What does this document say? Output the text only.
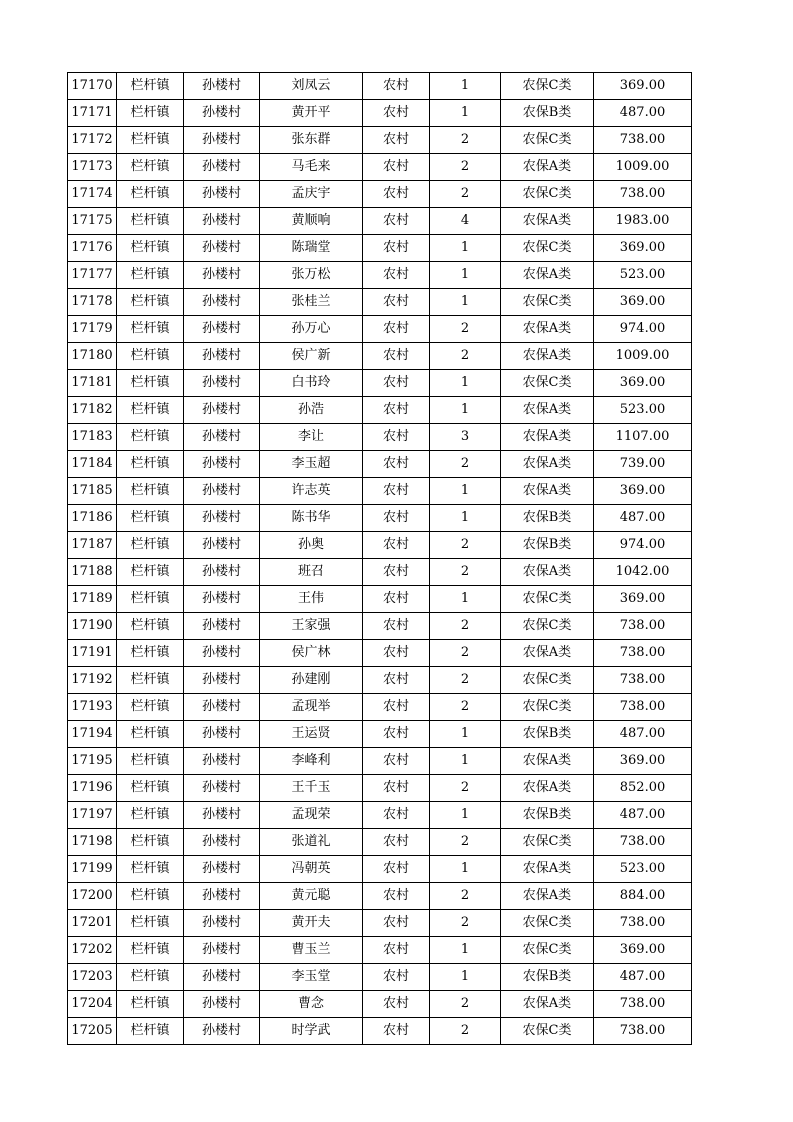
17170	栏杆镇	孙楼村	刘凤云	农村	1	农保C类	369.00
17171	栏杆镇	孙楼村	黄开平	农村	1	农保B类	487.00
17172	栏杆镇	孙楼村	张东群	农村	2	农保C类	738.00
17173	栏杆镇	孙楼村	马毛来	农村	2	农保A类	1009.00
17174	栏杆镇	孙楼村	孟庆宇	农村	2	农保C类	738.00
17175	栏杆镇	孙楼村	黄顺响	农村	4	农保A类	1983.00
17176	栏杆镇	孙楼村	陈瑞堂	农村	1	农保C类	369.00
17177	栏杆镇	孙楼村	张万松	农村	1	农保A类	523.00
17178	栏杆镇	孙楼村	张桂兰	农村	1	农保C类	369.00
17179	栏杆镇	孙楼村	孙万心	农村	2	农保A类	974.00
17180	栏杆镇	孙楼村	侯广新	农村	2	农保A类	1009.00
17181	栏杆镇	孙楼村	白书玲	农村	1	农保C类	369.00
17182	栏杆镇	孙楼村	孙浩	农村	1	农保A类	523.00
17183	栏杆镇	孙楼村	李让	农村	3	农保A类	1107.00
17184	栏杆镇	孙楼村	李玉超	农村	2	农保A类	739.00
17185	栏杆镇	孙楼村	许志英	农村	1	农保A类	369.00
17186	栏杆镇	孙楼村	陈书华	农村	1	农保B类	487.00
17187	栏杆镇	孙楼村	孙奥	农村	2	农保B类	974.00
17188	栏杆镇	孙楼村	班召	农村	2	农保A类	1042.00
17189	栏杆镇	孙楼村	王伟	农村	1	农保C类	369.00
17190	栏杆镇	孙楼村	王家强	农村	2	农保C类	738.00
17191	栏杆镇	孙楼村	侯广林	农村	2	农保A类	738.00
17192	栏杆镇	孙楼村	孙建刚	农村	2	农保C类	738.00
17193	栏杆镇	孙楼村	孟现举	农村	2	农保C类	738.00
17194	栏杆镇	孙楼村	王运贤	农村	1	农保B类	487.00
17195	栏杆镇	孙楼村	李峰利	农村	1	农保A类	369.00
17196	栏杆镇	孙楼村	王千玉	农村	2	农保A类	852.00
17197	栏杆镇	孙楼村	孟现荣	农村	1	农保B类	487.00
17198	栏杆镇	孙楼村	张道礼	农村	2	农保C类	738.00
17199	栏杆镇	孙楼村	冯朝英	农村	1	农保A类	523.00
17200	栏杆镇	孙楼村	黄元聪	农村	2	农保A类	884.00
17201	栏杆镇	孙楼村	黄开夫	农村	2	农保C类	738.00
17202	栏杆镇	孙楼村	曹玉兰	农村	1	农保C类	369.00
17203	栏杆镇	孙楼村	李玉堂	农村	1	农保B类	487.00
17204	栏杆镇	孙楼村	曹念	农村	2	农保A类	738.00
17205	栏杆镇	孙楼村	时学武	农村	2	农保C类	738.00
